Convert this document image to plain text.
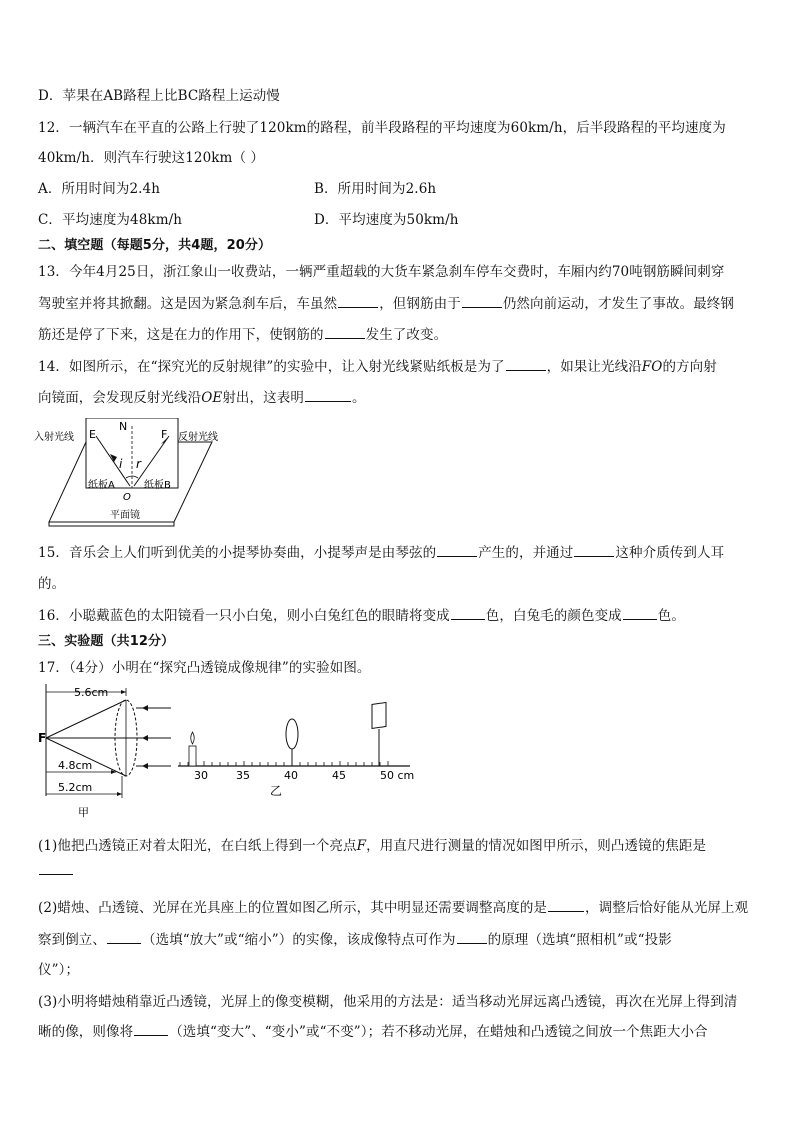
D．苹果在AB路程上比BC路程上运动慢
12．一辆汽车在平直的公路上行驶了120km的路程，前半段路程的平均速度为60km/h，后半段路程的平均速度为
40km/h．则汽车行驶这120km（ ）
A．所用时间为2.4h	B．所用时间为2.6h
C．平均速度为48km/h	D．平均速度为50km/h
二、填空题（每题5分，共4题，20分）
13．今年4月25日，浙江象山一收费站，一辆严重超载的大货车紧急刹车停车交费时，车厢内约70吨钢筋瞬间刺穿
驾驶室并将其掀翻。这是因为紧急刹车后，车虽然	，但钢筋由于	仍然向前运动，才发生了事故。最终钢
筋还是停了下来，这是在力的作用下，使钢筋的	发生了改变。
14．如图所示，在“探究光的反射规律”的实验中，让入射光线紧贴纸板是为了	，如果让光线沿FO的方向射
向镜面，会发现反射光线沿OE射出，这表明	。
入射光线	反射光线
E
N
F
i r
纸板A	纸板B
O
平面镜
15．音乐会上人们听到优美的小提琴协奏曲，小提琴声是由琴弦的	产生的，并通过	这种介质传到人耳
的。
16．小聪戴蓝色的太阳镜看一只小白兔，则小白兔红色的眼睛将变成	色，白兔毛的颜色变成	色。
三、实验题（共12分）
17．（4分）小明在“探究凸透镜成像规律”的实验如图。
5.6cm
F
4.8cm
5.2cm
甲
30	35	40	45	50 cm
乙
(1)他把凸透镜正对着太阳光，在白纸上得到一个亮点F，用直尺进行测量的情况如图甲所示，则凸透镜的焦距是
(2)蜡烛、凸透镜、光屏在光具座上的位置如图乙所示，其中明显还需要调整高度的是	，调整后恰好能从光屏上观
察到倒立、	（选填“放大”或“缩小”）的实像，该成像特点可作为 的原理（选填“照相机”或“投影
仪”）；
(3)小明将蜡烛稍靠近凸透镜，光屏上的像变模糊，他采用的方法是：适当移动光屏远离凸透镜，再次在光屏上得到清
晰的像，则像将	（选填“变大”、“变小”或“不变”）；若不移动光屏，在蜡烛和凸透镜之间放一个焦距大小合
